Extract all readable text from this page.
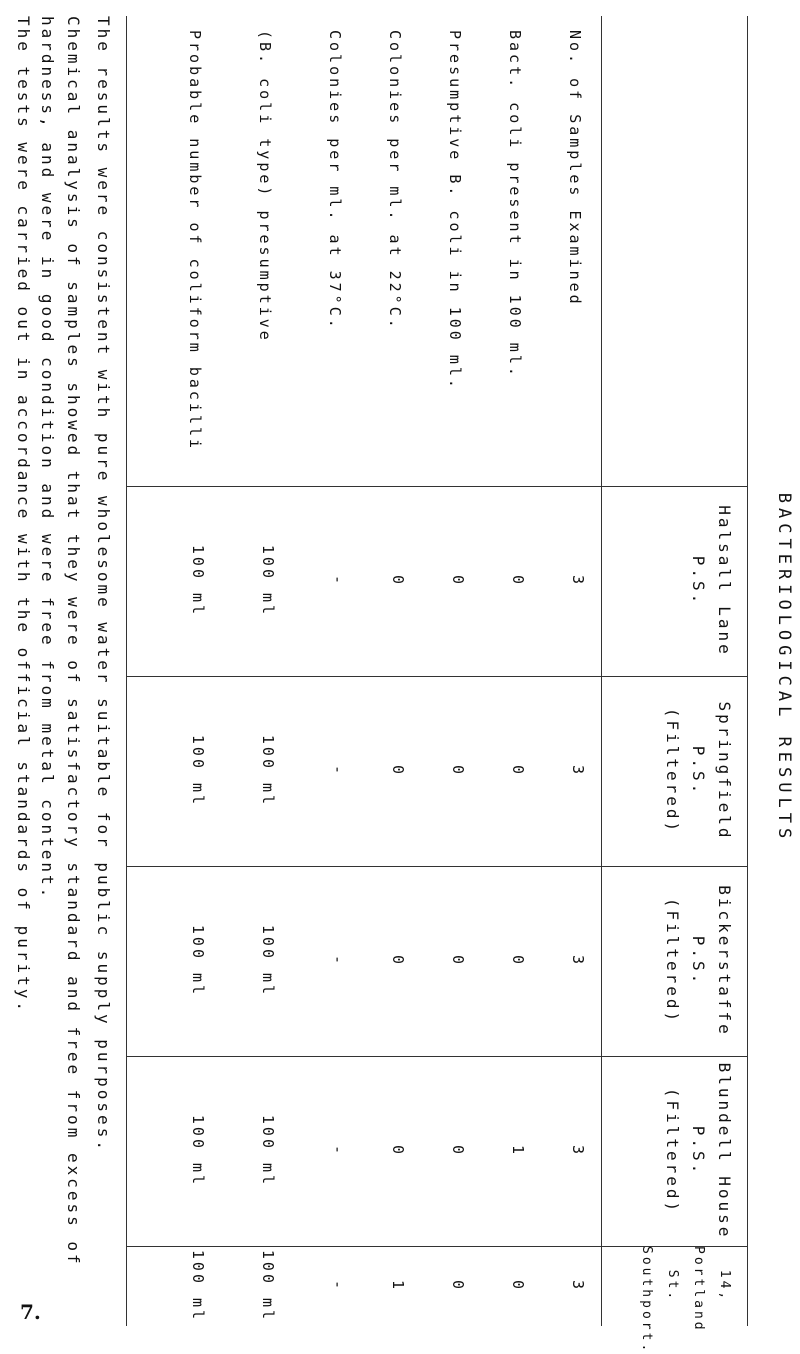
BACTERIOLOGICAL RESULTS
Halsall Lane P.S.
Springfield P.S.
(Filtered)
Bickerstaffe P.S.
(Filtered)
Blundell House P.S.
(Filtered)
14, Portland St.
Southport.
No. of Samples Examined
Bact. coli present in 100 ml.
Presumptive B. coli in 100 ml.
Colonies per ml. at 22°C.
Colonies per ml. at 37°C.
(B. coli type) presumptive
Probable number of coliform bacilli
3
3
3
3
3
0
0
0
1
0
0
0
0
0
0
0
0
0
0
1
-
-
-
-
-
100 ml
100 ml
100 ml
100 ml
100 ml
100 ml
100 ml
100 ml
100 ml
100 ml
The results were consistent with pure wholesome water suitable for public supply purposes.
Chemical analysis of samples showed that they were of satisfactory standard and free from excess of hardness, and were in good condition and were free from metal content.
The tests were carried out in accordance with the official standards of purity.
7.
